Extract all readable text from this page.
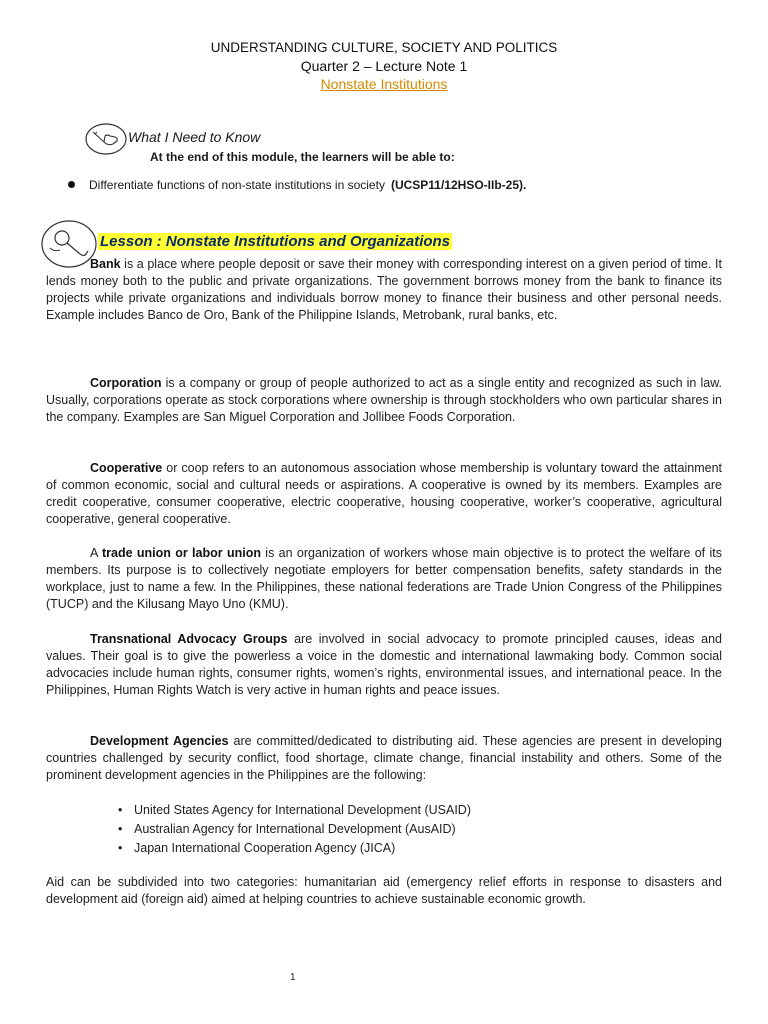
UNDERSTANDING CULTURE, SOCIETY AND POLITICS
Quarter 2 – Lecture Note 1
Nonstate Institutions
What I Need to Know
At the end of this module, the learners will be able to:
Differentiate functions of non-state institutions in society (UCSP11/12HSO-IIb-25).
Lesson : Nonstate Institutions and Organizations

Bank is a place where people deposit or save their money with corresponding interest on a given period of time. It lends money both to the public and private organizations. The government borrows money from the bank to finance its projects while private organizations and individuals borrow money to finance their business and other personal needs. Example includes Banco de Oro, Bank of the Philippine Islands, Metrobank, rural banks, etc.

Corporation is a company or group of people authorized to act as a single entity and recognized as such in law. Usually, corporations operate as stock corporations where ownership is through stockholders who own particular shares in the company. Examples are San Miguel Corporation and Jollibee Foods Corporation.

Cooperative or coop refers to an autonomous association whose membership is voluntary toward the attainment of common economic, social and cultural needs or aspirations. A cooperative is owned by its members. Examples are credit cooperative, consumer cooperative, electric cooperative, housing cooperative, worker’s cooperative, agricultural cooperative, general cooperative.

A trade union or labor union is an organization of workers whose main objective is to protect the welfare of its members. Its purpose is to collectively negotiate employers for better compensation benefits, safety standards in the workplace, just to name a few. In the Philippines, these national federations are Trade Union Congress of the Philippines (TUCP) and the Kilusang Mayo Uno (KMU).

Transnational Advocacy Groups are involved in social advocacy to promote principled causes, ideas and values. Their goal is to give the powerless a voice in the domestic and international lawmaking body. Common social advocacies include human rights, consumer rights, women’s rights, environmental issues, and international peace. In the Philippines, Human Rights Watch is very active in human rights and peace issues.

Development Agencies are committed/dedicated to distributing aid. These agencies are present in developing countries challenged by security conflict, food shortage, climate change, financial instability and others. Some of the prominent development agencies in the Philippines are the following:

• United States Agency for International Development (USAID)
• Australian Agency for International Development (AusAID)
• Japan International Cooperation Agency (JICA)

Aid can be subdivided into two categories: humanitarian aid (emergency relief efforts in response to disasters and development aid (foreign aid) aimed at helping countries to achieve sustainable economic growth.

1
